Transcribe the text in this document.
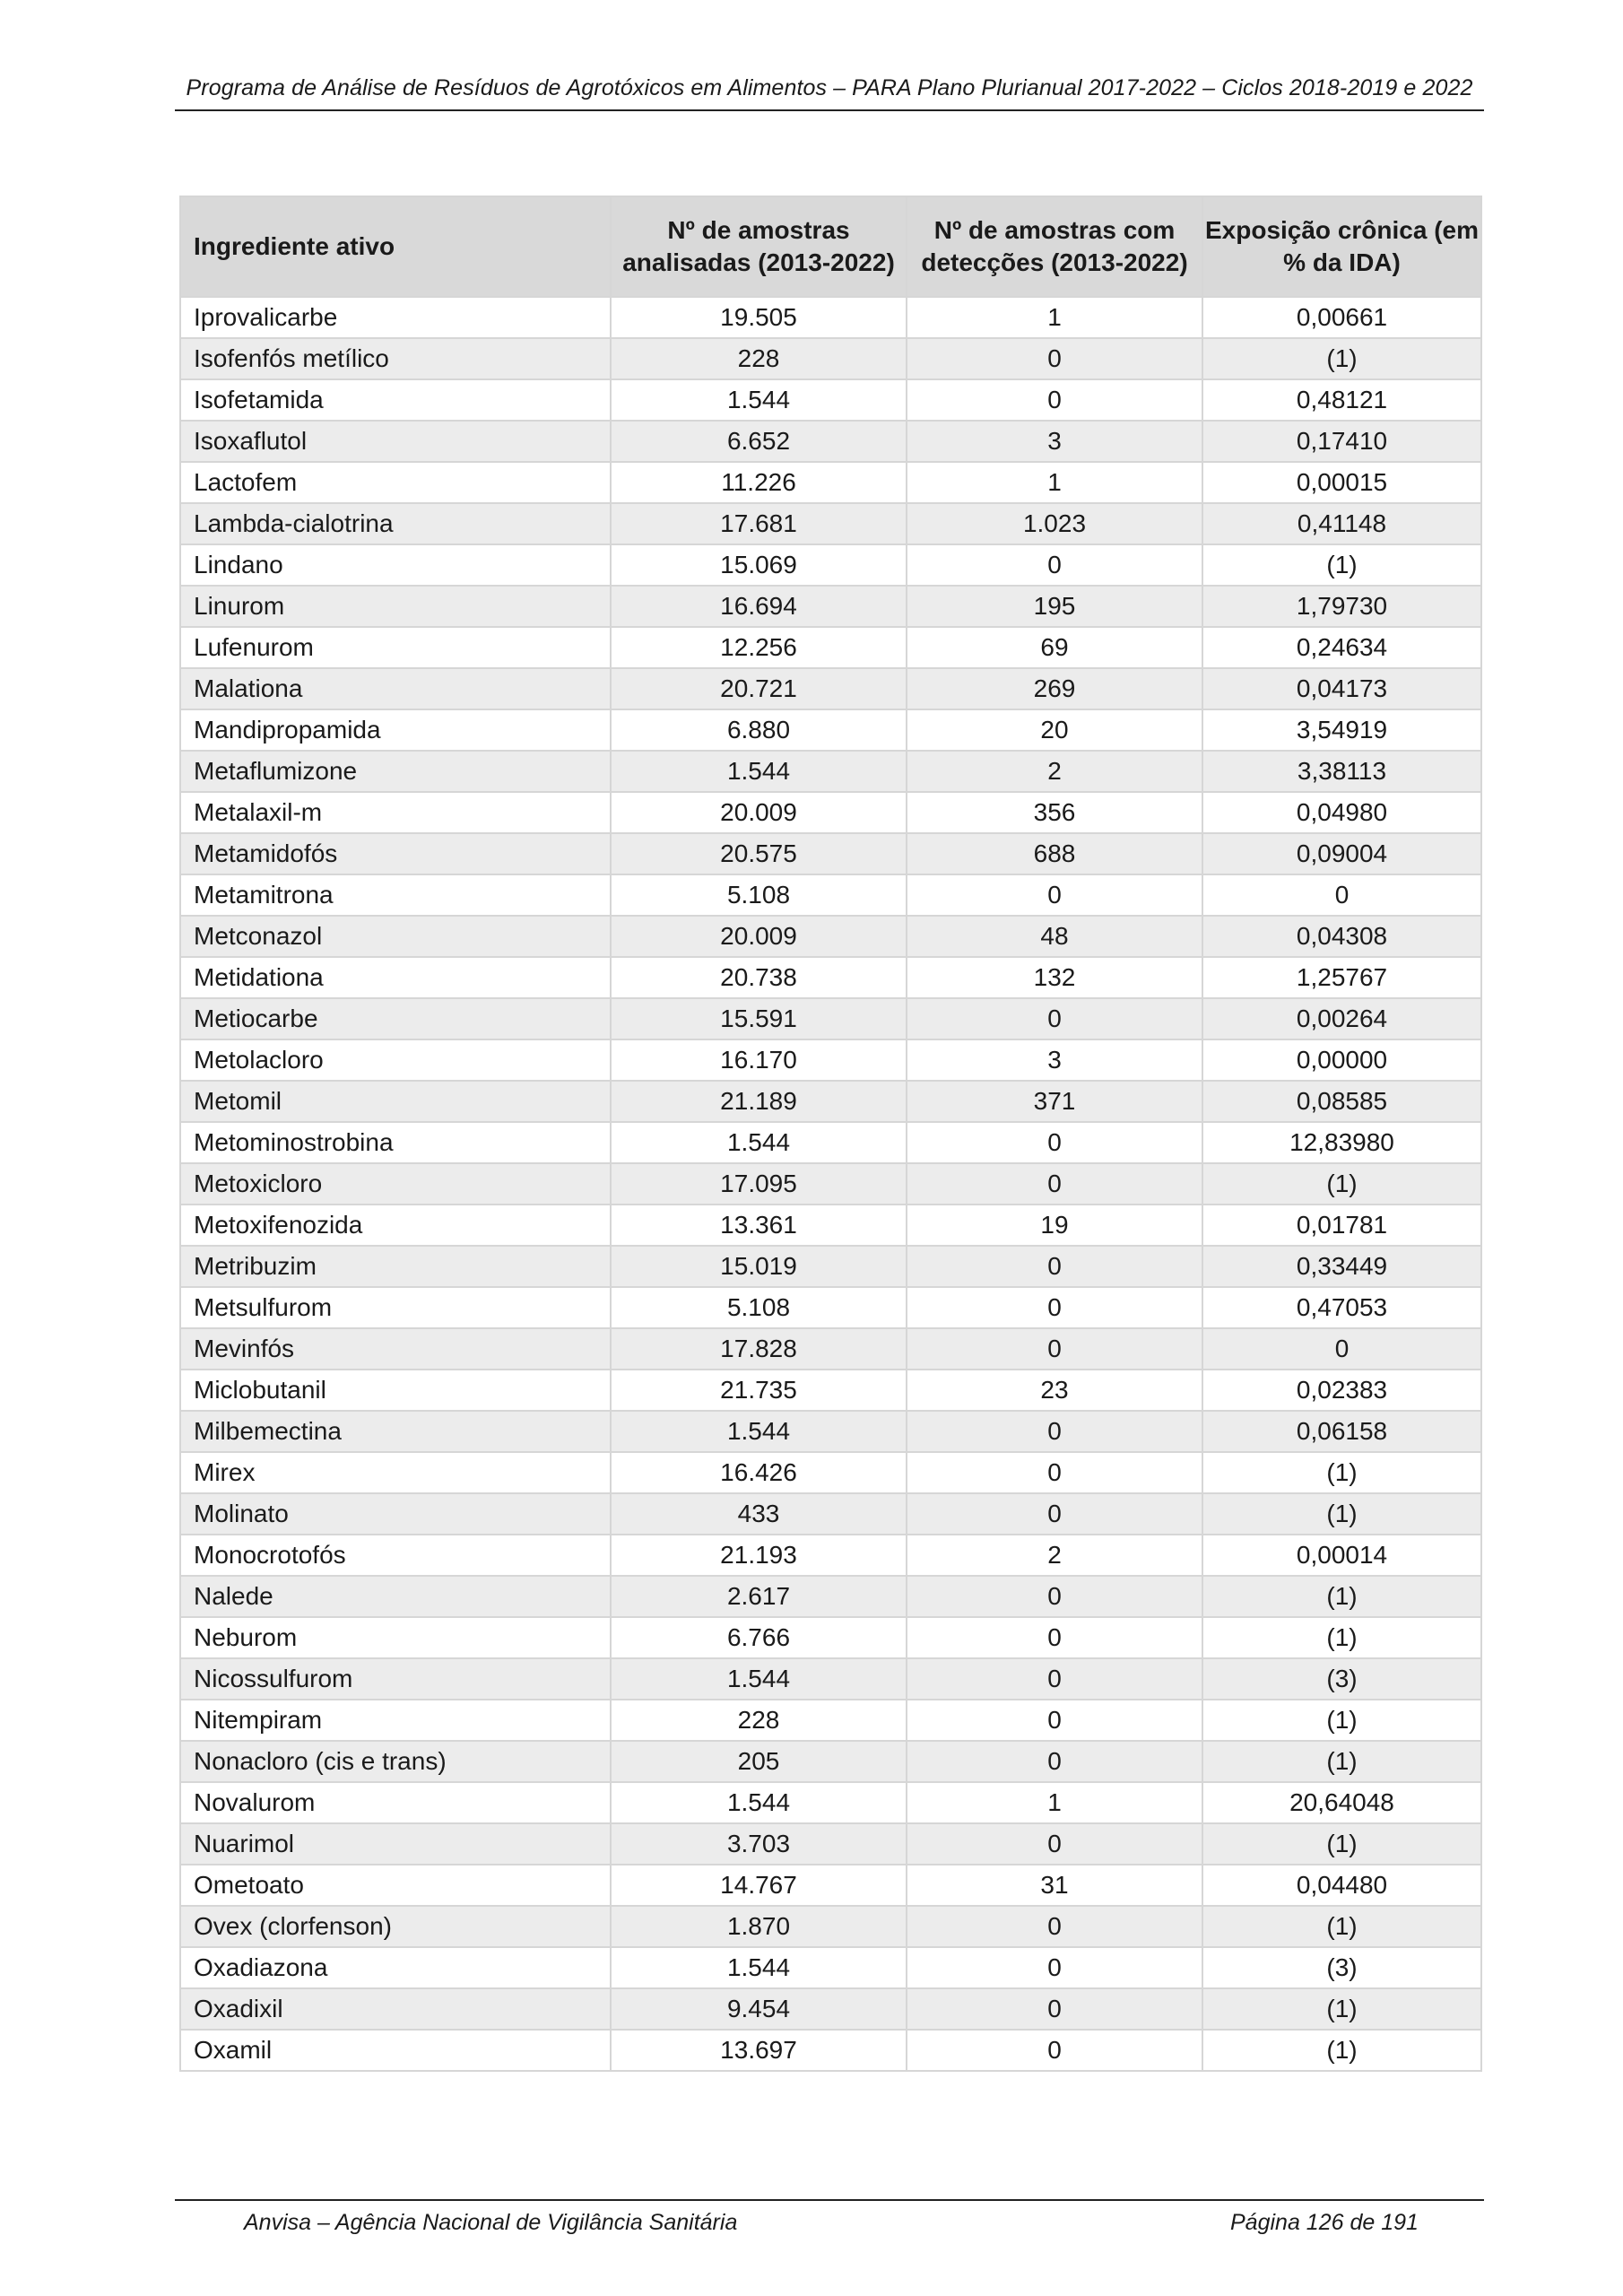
Programa de Análise de Resíduos de Agrotóxicos em Alimentos – PARA Plano Plurianual 2017-2022 – Ciclos 2018-2019 e 2022
Ingrediente ativo	Nº de amostras analisadas (2013-2022)	Nº de amostras com detecções (2013-2022)	Exposição crônica (em % da IDA)
Iprovalicarbe	19.505	1	0,00661
Isofenfós metílico	228	0	(1)
Isofetamida	1.544	0	0,48121
Isoxaflutol	6.652	3	0,17410
Lactofem	11.226	1	0,00015
Lambda-cialotrina	17.681	1.023	0,41148
Lindano	15.069	0	(1)
Linurom	16.694	195	1,79730
Lufenurom	12.256	69	0,24634
Malationa	20.721	269	0,04173
Mandipropamida	6.880	20	3,54919
Metaflumizone	1.544	2	3,38113
Metalaxil-m	20.009	356	0,04980
Metamidofós	20.575	688	0,09004
Metamitrona	5.108	0	0
Metconazol	20.009	48	0,04308
Metidationa	20.738	132	1,25767
Metiocarbe	15.591	0	0,00264
Metolacloro	16.170	3	0,00000
Metomil	21.189	371	0,08585
Metominostrobina	1.544	0	12,83980
Metoxicloro	17.095	0	(1)
Metoxifenozida	13.361	19	0,01781
Metribuzim	15.019	0	0,33449
Metsulfurom	5.108	0	0,47053
Mevinfós	17.828	0	0
Miclobutanil	21.735	23	0,02383
Milbemectina	1.544	0	0,06158
Mirex	16.426	0	(1)
Molinato	433	0	(1)
Monocrotofós	21.193	2	0,00014
Nalede	2.617	0	(1)
Neburom	6.766	0	(1)
Nicossulfurom	1.544	0	(3)
Nitempiram	228	0	(1)
Nonacloro (cis e trans)	205	0	(1)
Novalurom	1.544	1	20,64048
Nuarimol	3.703	0	(1)
Ometoato	14.767	31	0,04480
Ovex (clorfenson)	1.870	0	(1)
Oxadiazona	1.544	0	(3)
Oxadixil	9.454	0	(1)
Oxamil	13.697	0	(1)
Anvisa – Agência Nacional de Vigilância Sanitária	Página 126 de 191
